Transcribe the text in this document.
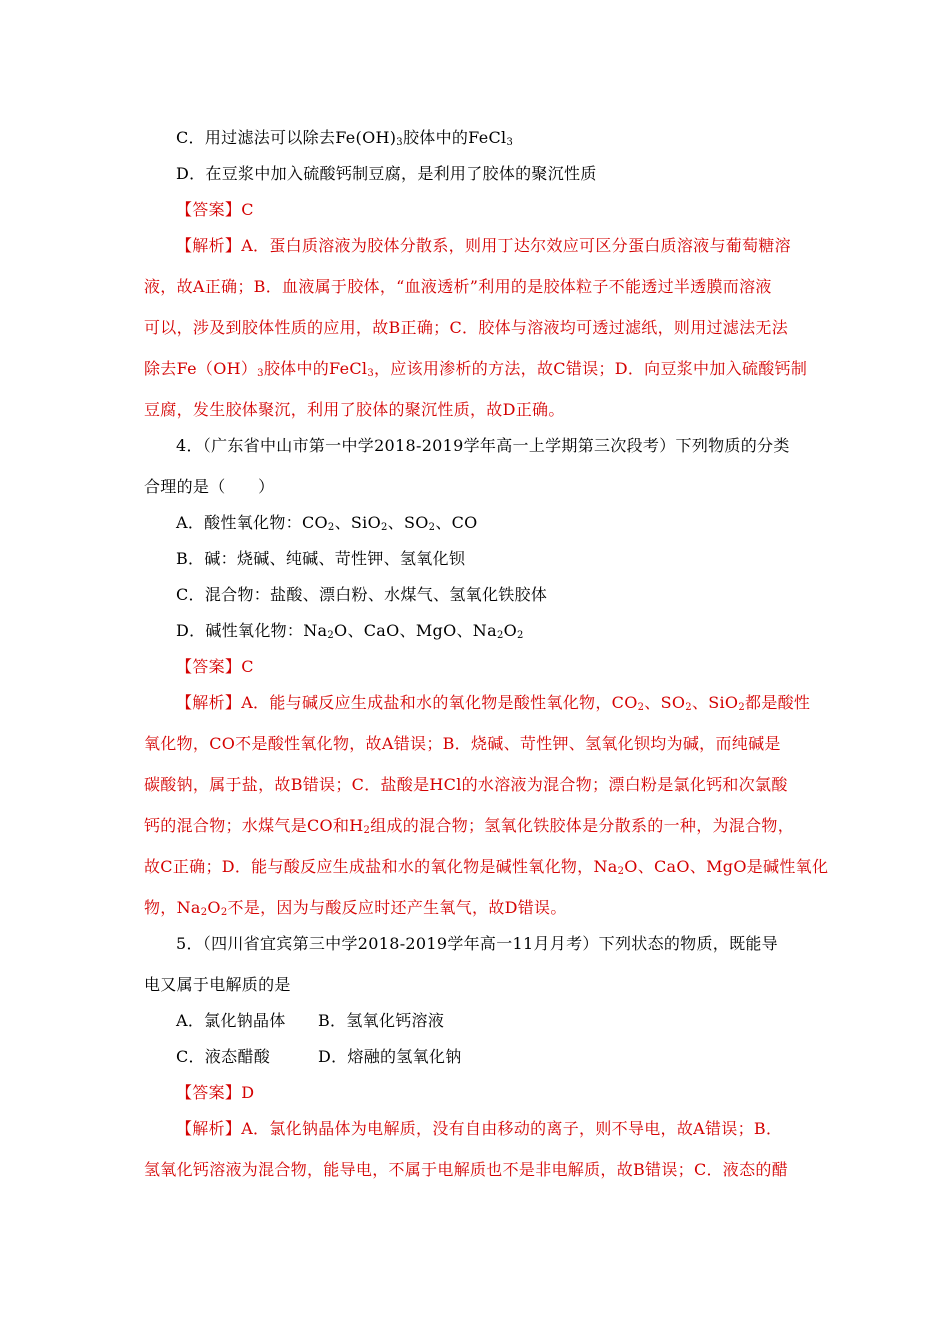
C．用过滤法可以除去$Fe(OH)_3$胶体中的FeCl$_3$
D．在豆浆中加入硫酸钙制豆腐，是利用了胶体的聚沉性质
【答案】C
【解析】A．蛋白质溶液为胶体分散系，则用丁达尔效应可区分蛋白质溶液与葡萄糖溶
液，故A正确；B．血液属于胶体，“血液透析”利用的是胶体粒子不能透过半透膜而溶液
可以，涉及到胶体性质的应用，故B正确；C．胶体与溶液均可透过滤纸，则用过滤法无法
除去$Fe(OH)_3$胶体中的FeCl$_3$，应该用渗析的方法，故C错误；D．向豆浆中加入硫酸钙制
豆腐，发生胶体聚沉，利用了胶体的聚沉性质，故D正确。
4．（广东省中山市第一中学2018-2019学年高一上学期第三次段考）下列物质的分类
合理的是（　　）
A．酸性氧化物：$CO_2$、SiO$_2$、$SO_2$、CO
B．碱：烧碱、纯碱、苛性钾、氢氧化钡
C．混合物：盐酸、漂白粉、水煤气、氢氧化铁胶体
D．碱性氧化物：$Na_2O$、CaO、MgO、$Na_2O_2$
【答案】C
【解析】A．能与碱反应生成盐和水的氧化物是酸性氧化物，$CO_2$、$SO_2$、SiO$_2$都是酸性
氧化物，CO不是酸性氧化物，故A错误；B．烧碱、苛性钾、氢氧化钡均为碱，而纯碱是
碳酸钠，属于盐，故B错误；C．盐酸是HCl的水溶液为混合物；漂白粉是氯化钙和次氯酸
钙的混合物；水煤气是CO和$H_2$组成的混合物；氢氧化铁胶体是分散系的一种，为混合物，
故C正确；D．能与酸反应生成盐和水的氧化物是碱性氧化物，$Na_2O$、CaO、MgO是碱性氧化
物，$Na_2O_2$不是，因为与酸反应时还产生氧气，故D错误。
5．（四川省宜宾第三中学2018-2019学年高一11月月考）下列状态的物质，既能导
电又属于电解质的是
A．氯化钠晶体 B．氢氧化钙溶液
C．液态醋酸	D．熔融的氢氧化钠
【答案】D
【解析】A．氯化钠晶体为电解质，没有自由移动的离子，则不导电，故A错误；B．
氢氧化钙溶液为混合物，能导电，不属于电解质也不是非电解质，故B错误；C．液态的醋
